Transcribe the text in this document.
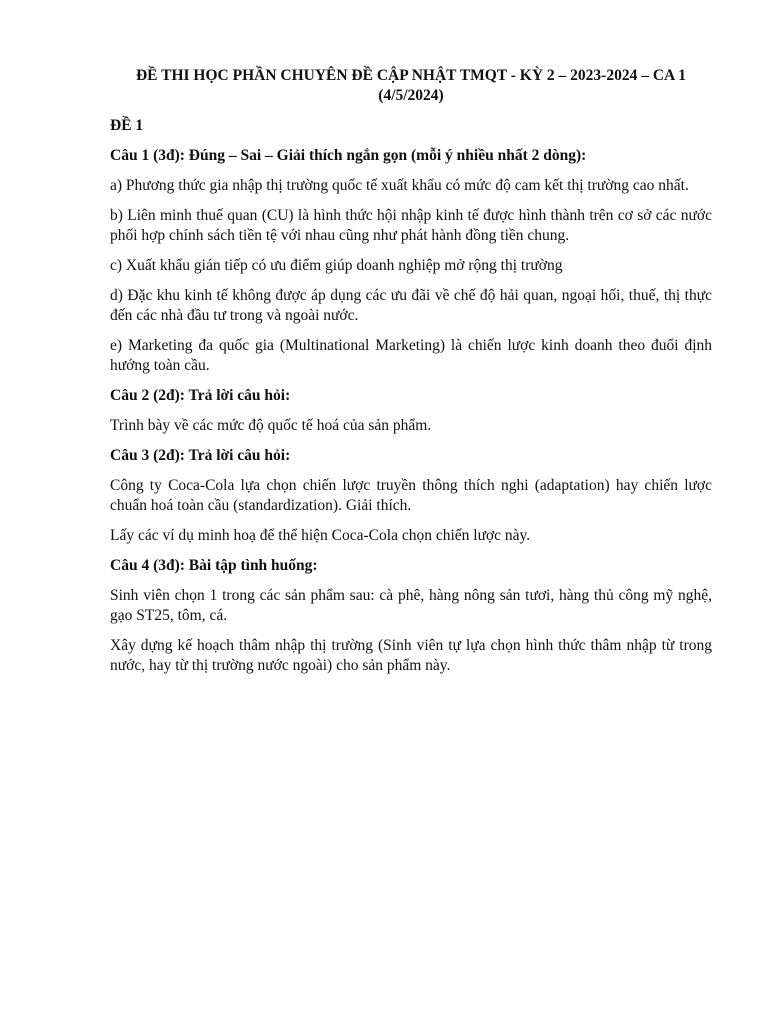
ĐỀ THI HỌC PHẦN CHUYÊN ĐỀ CẬP NHẬT TMQT - KỲ 2 – 2023-2024 – CA 1
(4/5/2024)

ĐỀ 1

Câu 1 (3đ): Đúng – Sai – Giải thích ngắn gọn (mỗi ý nhiều nhất 2 dòng):

a) Phương thức gia nhập thị trường quốc tế xuất khẩu có mức độ cam kết thị trường cao nhất.

b) Liên minh thuế quan (CU) là hình thức hội nhập kinh tế được hình thành trên cơ sở các nước phối hợp chính sách tiền tệ với nhau cũng như phát hành đồng tiền chung.

c) Xuất khẩu gián tiếp có ưu điểm giúp doanh nghiệp mở rộng thị trường

d) Đặc khu kinh tế không được áp dụng các ưu đãi về chế độ hải quan, ngoại hối, thuế, thị thực đến các nhà đầu tư trong và ngoài nước.

e) Marketing đa quốc gia (Multinational Marketing) là chiến lược kinh doanh theo đuổi định hướng toàn cầu.

Câu 2 (2đ): Trả lời câu hỏi:

Trình bày về các mức độ quốc tế hoá của sản phẩm.

Câu 3 (2đ): Trả lời câu hỏi:

Công ty Coca-Cola lựa chọn chiến lược truyền thông thích nghi (adaptation) hay chiến lược chuẩn hoá toàn cầu (standardization). Giải thích.

Lấy các ví dụ minh hoạ để thể hiện Coca-Cola chọn chiến lược này.

Câu 4 (3đ): Bài tập tình huống:

Sinh viên chọn 1 trong các sản phẩm sau: cà phê, hàng nông sản tươi, hàng thủ công mỹ nghệ, gạo ST25, tôm, cá.

Xây dựng kế hoạch thâm nhập thị trường (Sinh viên tự lựa chọn hình thức thâm nhập từ trong nước, hay từ thị trường nước ngoài) cho sản phẩm này.
